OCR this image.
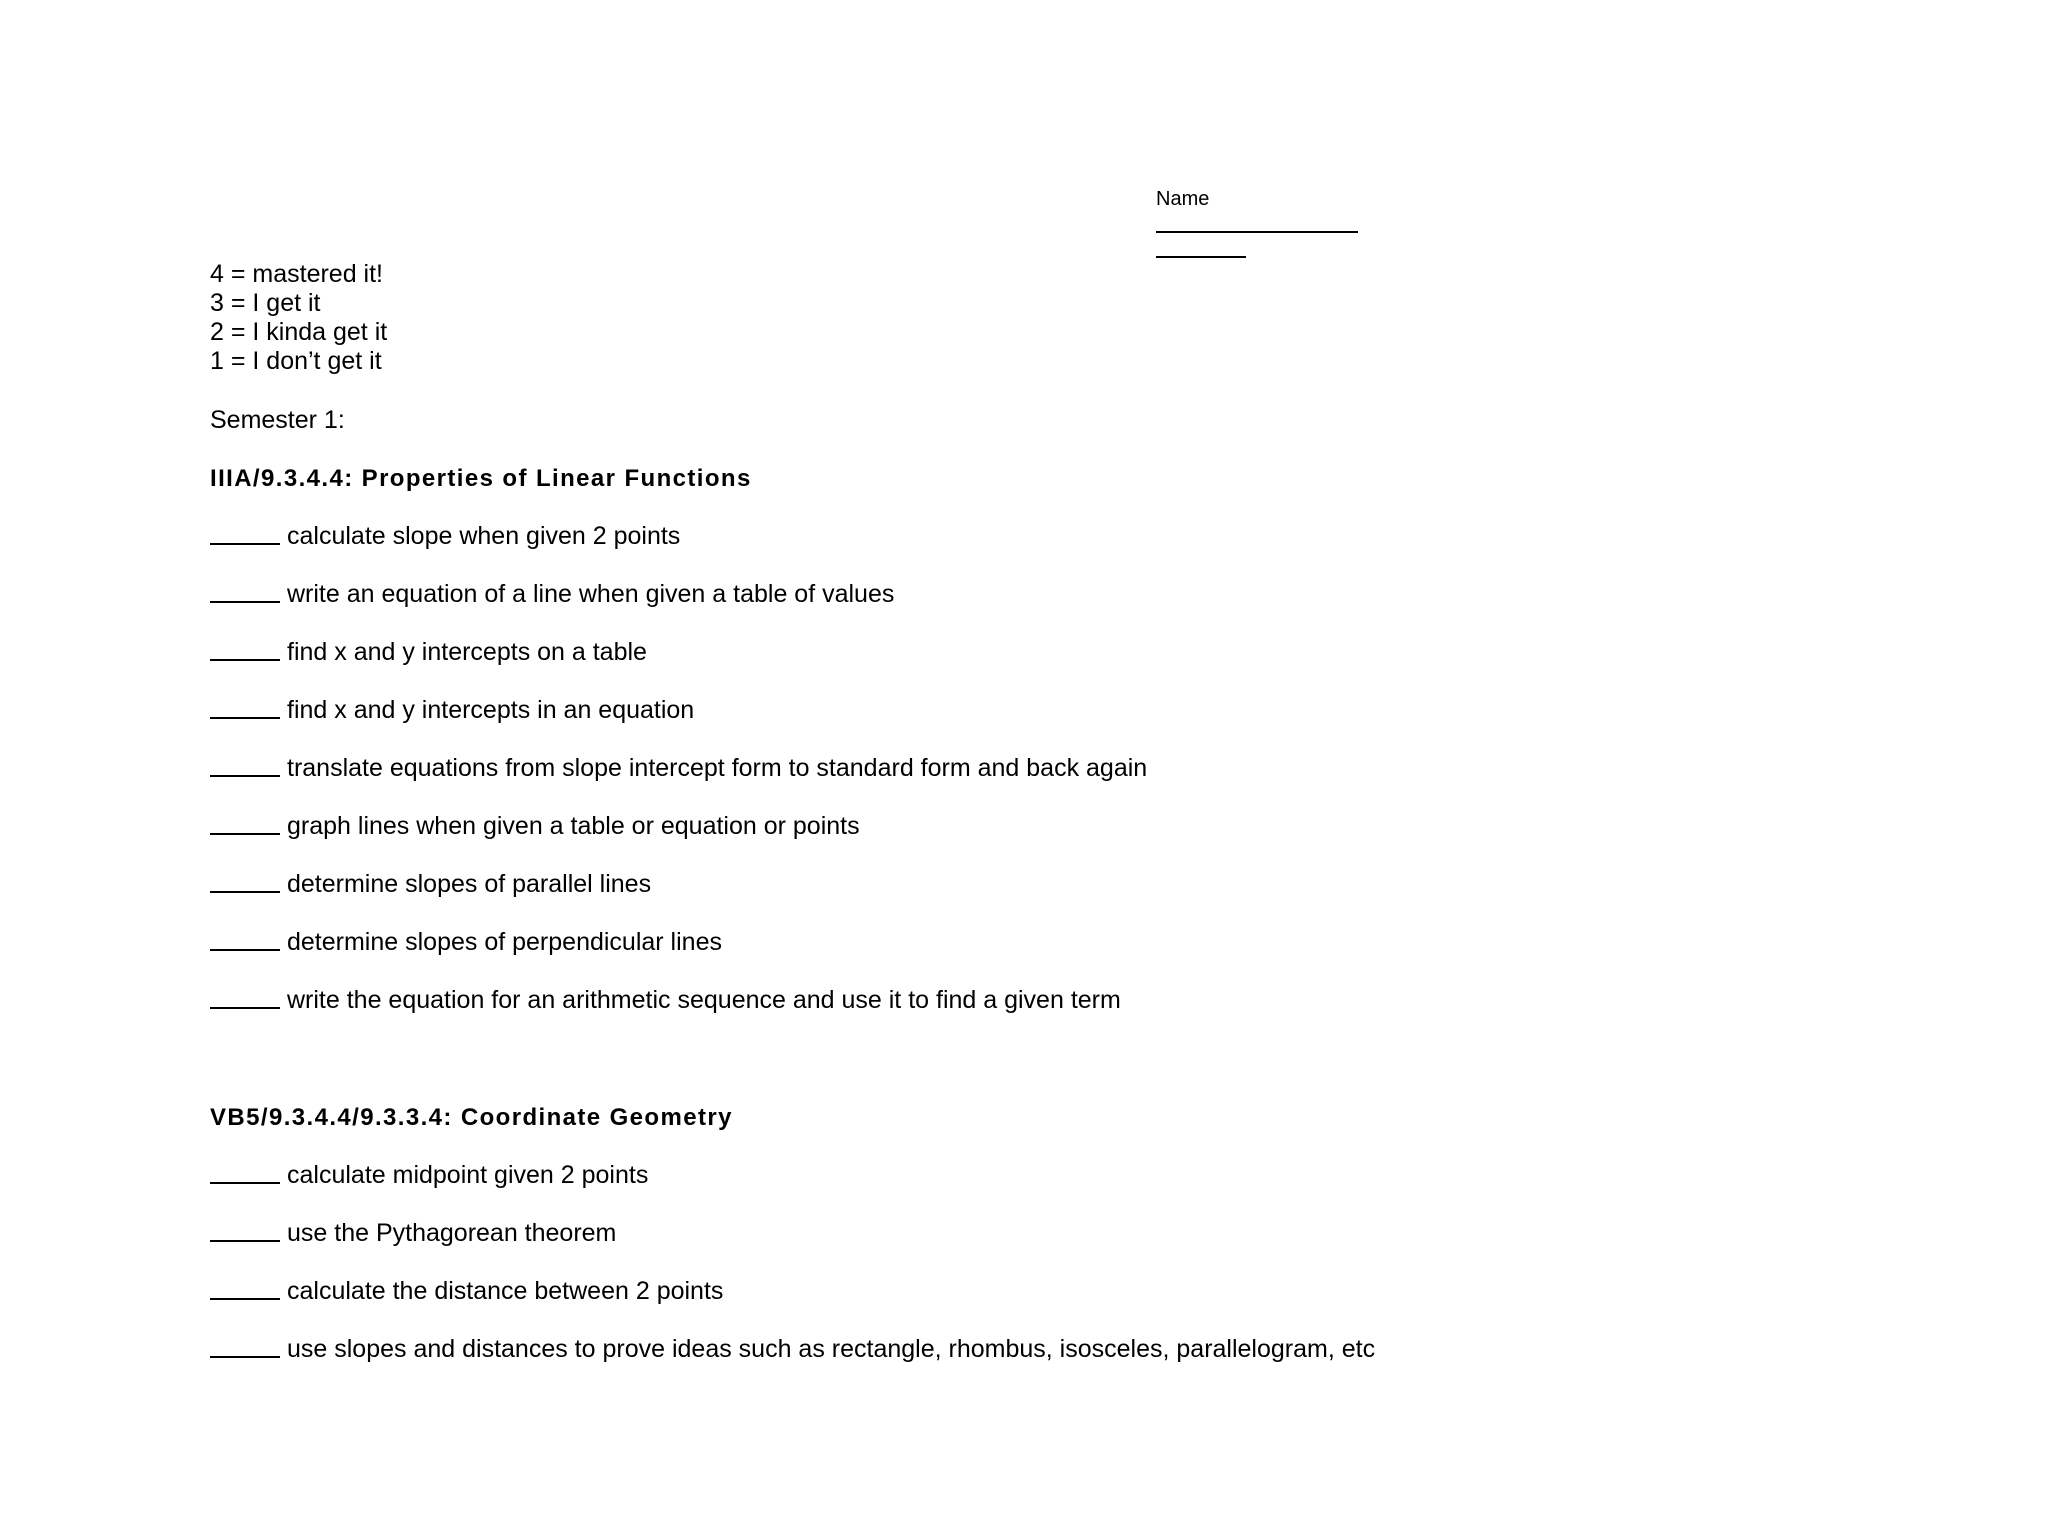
Name
4 = mastered it!
3 = I get it
2 = I kinda get it
1 = I don’t get it
Semester 1:
IIIA/9.3.4.4: Properties of Linear Functions
calculate slope when given 2 points
write an equation of a line when given a table of values
find x and y intercepts on a table
find x and y intercepts in an equation
translate equations from slope intercept form to standard form and back again
graph lines when given a table or equation or points
determine slopes of parallel lines
determine slopes of perpendicular lines
write the equation for an arithmetic sequence and use it to find a given term
VB5/9.3.4.4/9.3.3.4: Coordinate Geometry
calculate midpoint given 2 points
use the Pythagorean theorem
calculate the distance between 2 points
use slopes and distances to prove ideas such as rectangle, rhombus, isosceles, parallelogram, etc
